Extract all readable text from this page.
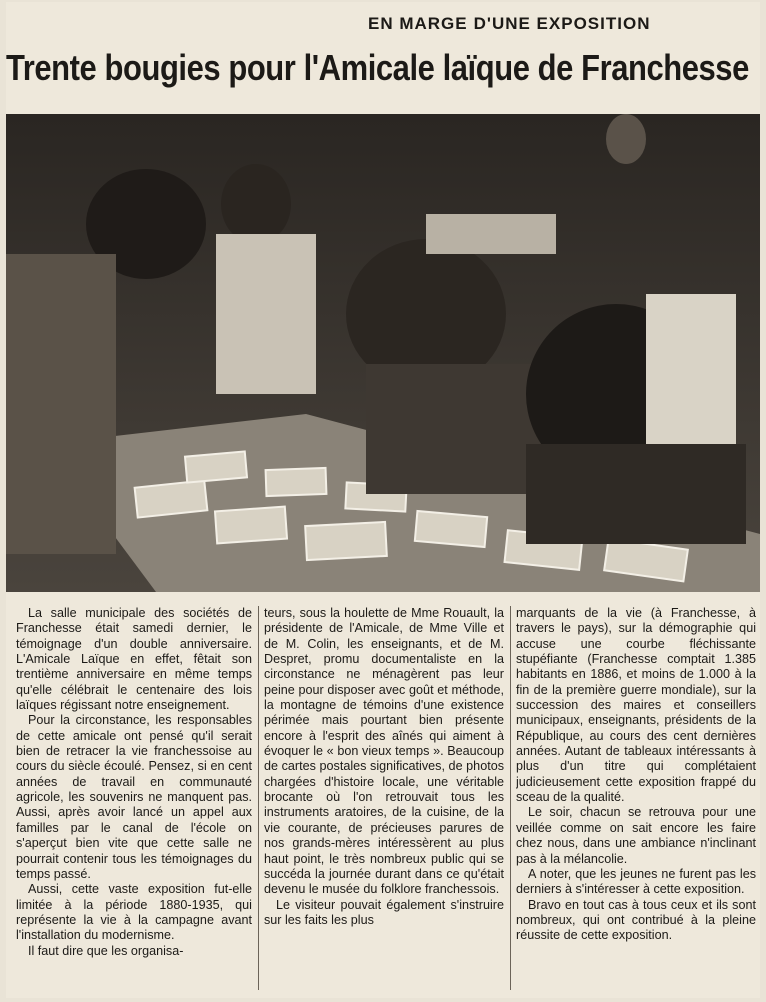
EN MARGE D'UNE EXPOSITION
Trente bougies pour l'Amicale laïque de Franchesse

La salle municipale des sociétés de Franchesse était samedi dernier, le témoignage d'un double anniversaire. L'Amicale Laïque en effet, fêtait son trentième anniversaire en même temps qu'elle célébrait le centenaire des lois laïques régissant notre enseignement.

Pour la circonstance, les responsables de cette amicale ont pensé qu'il serait bien de retracer la vie franchessoise au cours du siècle écoulé. Pensez, si en cent années de travail en communauté agricole, les souvenirs ne manquent pas. Aussi, après avoir lancé un appel aux familles par le canal de l'école on s'aperçut bien vite que cette salle ne pourrait contenir tous les témoignages du temps passé.

Aussi, cette vaste exposition fut-elle limitée à la période 1880-1935, qui représente la vie à la campagne avant l'installation du modernisme.

Il faut dire que les organisa-

teurs, sous la houlette de Mme Rouault, la présidente de l'Amicale, de Mme Ville et de M. Colin, les enseignants, et de M. Despret, promu documentaliste en la circonstance ne ménagèrent pas leur peine pour disposer avec goût et méthode, la montagne de témoins d'une existence périmée mais pourtant bien présente encore à l'esprit des aînés qui aiment à évoquer le « bon vieux temps ». Beaucoup de cartes postales significatives, de photos chargées d'histoire locale, une véritable brocante où l'on retrouvait tous les instruments aratoires, de la cuisine, de la vie courante, de précieuses parures de nos grands-mères intéressèrent au plus haut point, le très nombreux public qui se succéda la journée durant dans ce qu'était devenu le musée du folklore franchessois.

Le visiteur pouvait également s'instruire sur les faits les plus

marquants de la vie (à Franchesse, à travers le pays), sur la démographie qui accuse une courbe fléchissante stupéfiante (Franchesse comptait 1.385 habitants en 1886, et moins de 1.000 à la fin de la première guerre mondiale), sur la succession des maires et conseillers municipaux, enseignants, présidents de la République, au cours des cent dernières années. Autant de tableaux intéressants à plus d'un titre qui complétaient judicieusement cette exposition frappé du sceau de la qualité.

Le soir, chacun se retrouva pour une veillée comme on sait encore les faire chez nous, dans une ambiance n'inclinant pas à la mélancolie.

A noter, que les jeunes ne furent pas les derniers à s'intéresser à cette exposition.

Bravo en tout cas à tous ceux et ils sont nombreux, qui ont contribué à la pleine réussite de cette exposition.
